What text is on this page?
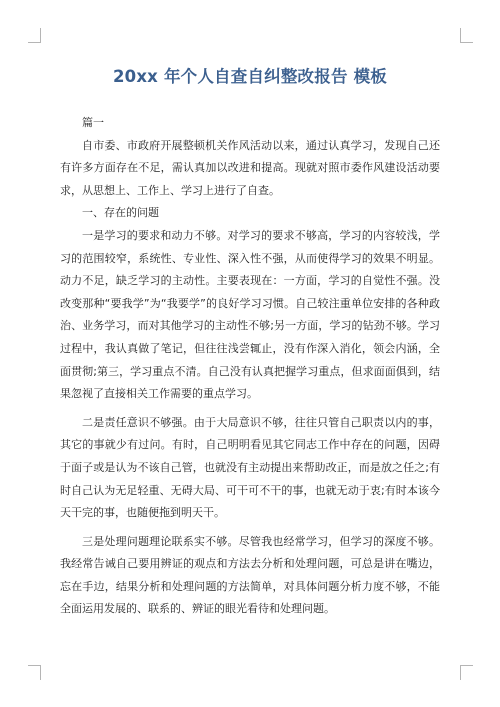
20xx 年个人自查自纠整改报告 模板

篇一

自市委、市政府开展整顿机关作风活动以来，通过认真学习，发现自己还有许多方面存在不足，需认真加以改进和提高。现就对照市委作风建设活动要求，从思想上、工作上、学习上进行了自查。

一、存在的问题

一是学习的要求和动力不够。对学习的要求不够高，学习的内容较浅，学习的范围较窄，系统性、专业性、深入性不强，从而使得学习的效果不明显。动力不足，缺乏学习的主动性。主要表现在：一方面，学习的自觉性不强。没改变那种“要我学”为“我要学”的良好学习习惯。自己较注重单位安排的各种政治、业务学习，而对其他学习的主动性不够;另一方面，学习的钻劲不够。学习过程中，我认真做了笔记，但往往浅尝辄止，没有作深入消化，领会内涵，全面贯彻;第三，学习重点不清。自己没有认真把握学习重点，但求面面俱到，结果忽视了直接相关工作需要的重点学习。

二是责任意识不够强。由于大局意识不够，往往只管自己职责以内的事，其它的事就少有过问。有时，自己明明看见其它同志工作中存在的问题，因碍于面子或是认为不该自己管，也就没有主动提出来帮助改正，而是放之任之;有时自己认为无足轻重、无碍大局、可干可不干的事，也就无动于衷;有时本该今天干完的事，也随便拖到明天干。

三是处理问题理论联系实不够。尽管我也经常学习，但学习的深度不够。我经常告诫自己要用辨证的观点和方法去分析和处理问题，可总是讲在嘴边，忘在手边，结果分析和处理问题的方法简单，对具体问题分析力度不够，不能全面运用发展的、联系的、辨证的眼光看待和处理问题。
